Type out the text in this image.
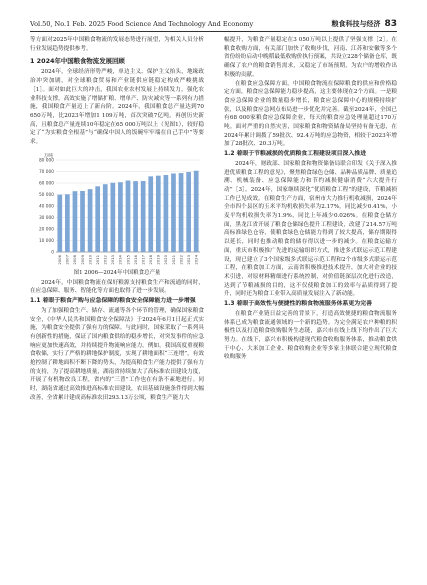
Vol.50, No.1 Feb. 2025 Food Science And Technology And Economy	粮食科技与经济 83

等方面对2025年中国粮食物流的发展态势进行展望，为相关人员分析行业发展趋势提供参考。

1 2024年中国粮食物流发展回顾

2024年，全球经济形势严峻，单边主义、保护主义抬头，地缘政治冲突加剧，对全球粮食贸易和产业链供应链稳定构成严峻挑战［1］。面对如此巨大的冲击，我国农业农村发展上持续发力，强化农业科技支撑，高效实施了增储扩粮、增单产、防灾减灾等一系列有力措施，我国粮食产量迈上了新台阶。2024年，我国粮食总产量达到70 650万吨，比2023年增加1 109万吨，首次突破7亿吨，再创历史新高，且粮食总产量连续10年稳定在65 000万吨以上（见图1），较好稳定了“为实粮食全根基”与“确保中国人的饭碗牢牢端在自己手中”等要求。

万吨
0
10 000
20 000
30 000
40 000
50 000
60 000
70 000
80 000
2006 2007 2008 2009 2010 2011 2012 2013 2014 2015 2016 2017 2018 2019 2020 2021 2022 2023 2024
图1 2006—2024年中国粮食总产量

2024年，中国粮食物流在保好粮源支持粮食生产和流通的同时，在应急保障、服务、智能化等方面也取得了进一步发展。

1.1 着眼于粮食产购与应急保障的粮食安全保障能力进一步增强

为了加强粮食生产、储存、流通等各个环节的管理，确保国家粮食安全，《中华人民共和国粮食安全保障法》于2024年6月1日起正式实施，为粮食安全提供了强有力的保障。与此同时，国家采取了一系列具有创新性的措施，保证了国内粮食供给的稳步增长，对突发事件的应急响应更加快速高效，并持续提升物流响应能力。例如，我国高度重视粮食收储，实行了严格的耕地保护制度，实现了耕地面积“三连增”，有效抢控制了耕地面积不断下降的势头，为提高粮食生产能力提供了强有力的支持，为了提高耕地质量，湖南省持续加大了高标准农田建设力度，开展了有机物改良工程，省内的“三普”工作也在有条不紊地进行。同时，湖南省通过高效推进高标准农田建设，农田基础设施条件得到大幅改善，全省累计建成高标准农田293.13万公顷，粮食生产能力大

幅提升，为粮食产量稳定在3 050万吨以上提供了坚强支撑［2］。在粮食收购方面，有关部门加快了收购步伐，河南、江苏和安徽等多个省份纷纷启动中晚稻最低收购价执行预案，共设立228个储备仓库，既确保了农户的粮食销售需求，又稳定了市场预期，为农户的增收作出积极的贡献。

在粮食应急保障方面，中国粮食物流在保障粮食的供应和价格稳定方面，粮食应急保障能力稳步提高，这主要体现在2个方面。一是粮食应急保障企业的数量稳步增长，粮食应急保障中心的规模持续扩张，以及粮食应急网点布局进一步优化并完善。截至2024年，全国已有68 000家粮食应急保障企业，每天的粮食应急处理量超过170万吨。面对严重的自然灾害，国家粮食和物资储备局坚持有备无患，在2024年累计调拨了59批次、92.4万吨的应急物资，相较于2023年增加了28批次、20.3万吨。

1.2 着眼于节粮减损的优质粮食工程建设项目深入推进

2024年，财政部、国家粮食和物资储备局联合印发《关于深入推进优质粮食工程的意见》，聚焦粮食绿色仓储、品种品质品牌、质量追溯、机械装备、应急保障能力和节约减损健康消费“六大提升行动”［3］。2024年，国家继续深化“优质粮食工程”的建设，节粮减损工作已见成效。在粮食生产方面，宿州市大力推行机收减损，2024年全市四个县区的玉米平均机收损失率为2.17%，同比减少0.41%，小麦平均机收损失率为1.9%，同比上年减少0.026%。在粮食仓储方面，黑龙江省开展了粮食仓储绿色提升工程建设，改建了214.57万吨高标准绿色仓容，使粮食绿色仓储能力得到了较大提高，储存期限得以延长，同时也推动粮食的储存得以进一步的减少。在粮食运输方面，重庆市积极推广先进的运输组织方式，推进多式联运示范工程建设，现已建立了3个国家级多式联运示范工程和2个市级多式联运示范工程，在粮食加工方面，云南省积极推进技术提升，加大对企业的技术引进，对原材料精细进行系统控制，对价值链深层次化进行改造，达到了节粮减损的目的，这不仅使粮食加工的效率与品质得到了提升，同时还为粮食工业带入高质量发展注入了新动能。

1.3 着眼于高效性与便捷性的粮食物流服务体系更为完善

在粮食产业链日益完善的背景下，打造高效便捷的粮食物流服务体系已成为粮食流通领域的一个新的趋势。为完全满足农户种粮的积极性以及打造粮食收购服务生态链，嘉兴市在线上线下均作出了巨大努力。在线下，嘉兴市积极构建现代粮食收购服务体系，推动粮食烘干中心、大米加工企业、粮食收购企业等多家主体联合建立现代粮食收购服务
